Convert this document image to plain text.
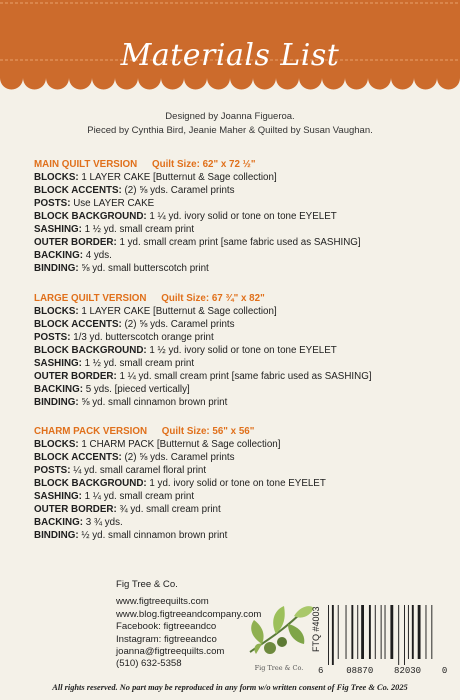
Materials List
Designed by Joanna Figueroa.
Pieced by Cynthia Bird, Jeanie Maher & Quilted by Susan Vaughan.
MAIN QUILT VERSION Quilt Size: 62" x 72 ½"
BLOCKS: 1 LAYER CAKE [Butternut & Sage collection]
BLOCK ACCENTS: (2) ⅝ yds. Caramel prints
POSTS: Use LAYER CAKE
BLOCK BACKGROUND: 1 ¼ yd. ivory solid or tone on tone EYELET
SASHING: 1 ½ yd. small cream print
OUTER BORDER: 1 yd. small cream print [same fabric used as SASHING]
BACKING: 4 yds.
BINDING: ⅝ yd. small butterscotch print
LARGE QUILT VERSION Quilt Size: 67 ¾" x 82"
BLOCKS: 1 LAYER CAKE [Butternut & Sage collection]
BLOCK ACCENTS: (2) ⅝ yds. Caramel prints
POSTS: 1/3 yd. butterscotch orange print
BLOCK BACKGROUND: 1 ½ yd. ivory solid or tone on tone EYELET
SASHING: 1 ½ yd. small cream print
OUTER BORDER: 1 ¼ yd. small cream print [same fabric used as SASHING]
BACKING: 5 yds. [pieced vertically]
BINDING: ⅝ yd. small cinnamon brown print
CHARM PACK VERSION Quilt Size: 56" x 56"
BLOCKS: 1 CHARM PACK [Butternut & Sage collection]
BLOCK ACCENTS: (2) ⅝ yds. Caramel prints
POSTS: ¼ yd. small caramel floral print
BLOCK BACKGROUND: 1 yd. ivory solid or tone on tone EYELET
SASHING: 1 ¼ yd. small cream print
OUTER BORDER: ¾ yd. small cream print
BACKING: 3 ¾ yds.
BINDING: ½ yd. small cinnamon brown print
Fig Tree & Co.
www.figtreequilts.com
www.blog.figtreeandcompany.com
Facebook: figtreeandco
Instagram: figtreeandco
joanna@figtreequilts.com
(510) 632-5358	Fig Tree & Co.
FTQ #4003
6	08870 82030 0
All rights reserved. No part may be reproduced in any form w/o written consent of Fig Tree & Co. 2025
